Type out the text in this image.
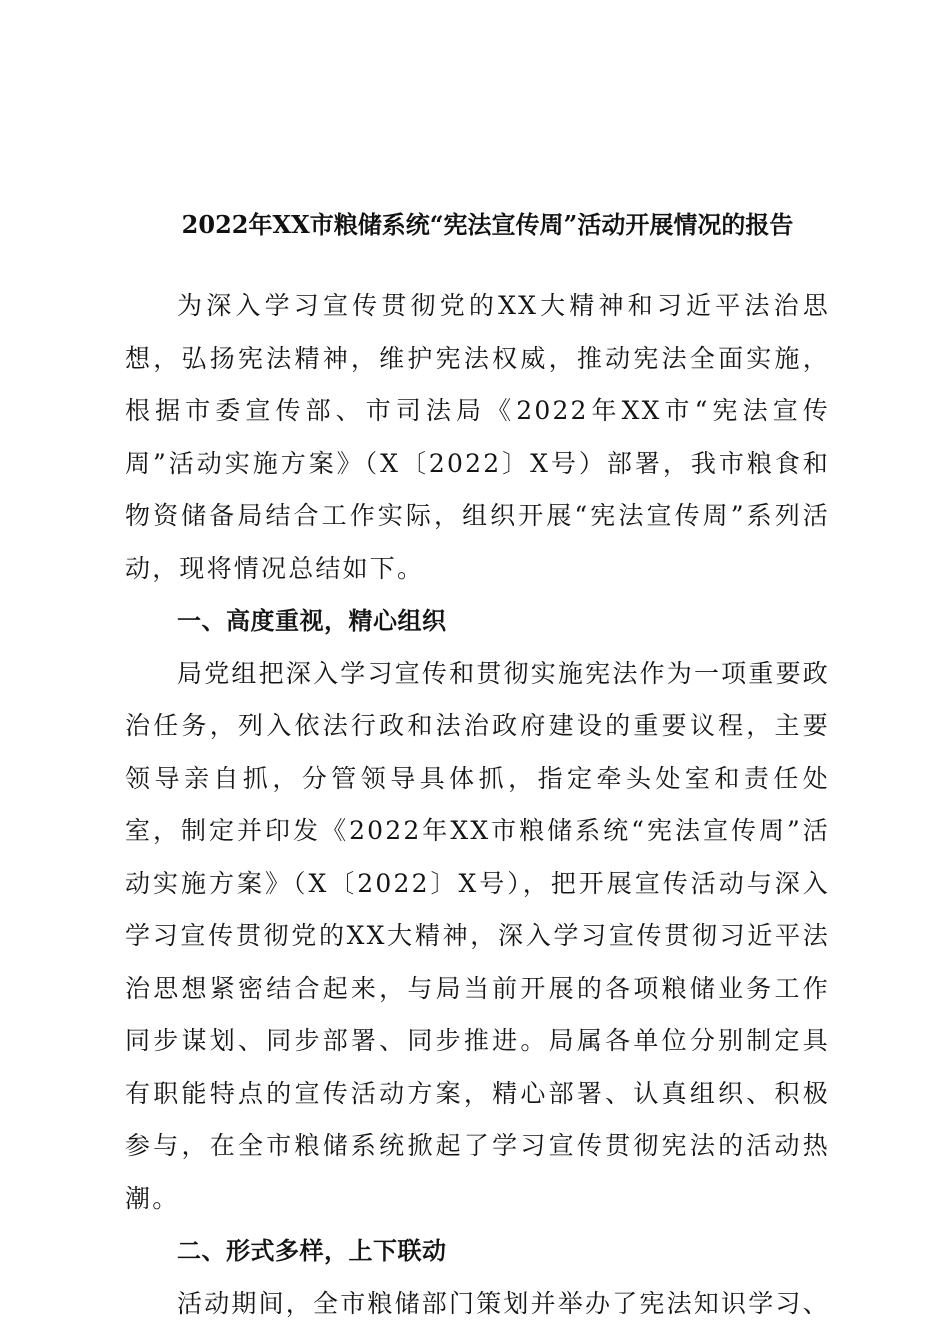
2022年XX市粮储系统“宪法宣传周”活动开展情况的报告

为深入学习宣传贯彻党的XX大精神和习近平法治思想，弘扬宪法精神，维护宪法权威，推动宪法全面实施，根据市委宣传部、市司法局《2022年XX市“宪法宣传周”活动实施方案》（X〔2022〕X号）部署，我市粮食和物资储备局结合工作实际，组织开展“宪法宣传周”系列活动，现将情况总结如下。

一、高度重视，精心组织

局党组把深入学习宣传和贯彻实施宪法作为一项重要政治任务，列入依法行政和法治政府建设的重要议程，主要领导亲自抓，分管领导具体抓，指定牵头处室和责任处室，制定并印发《2022年XX市粮储系统“宪法宣传周”活动实施方案》（X〔2022〕X号），把开展宣传活动与深入学习宣传贯彻党的XX大精神，深入学习宣传贯彻习近平法治思想紧密结合起来，与局当前开展的各项粮储业务工作同步谋划、同步部署、同步推进。局属各单位分别制定具有职能特点的宣传活动方案，精心部署、认真组织、积极参与，在全市粮储系统掀起了学习宣传贯彻宪法的活动热潮。

二、形式多样，上下联动

活动期间，全市粮储部门策划并举办了宪法知识学习、
